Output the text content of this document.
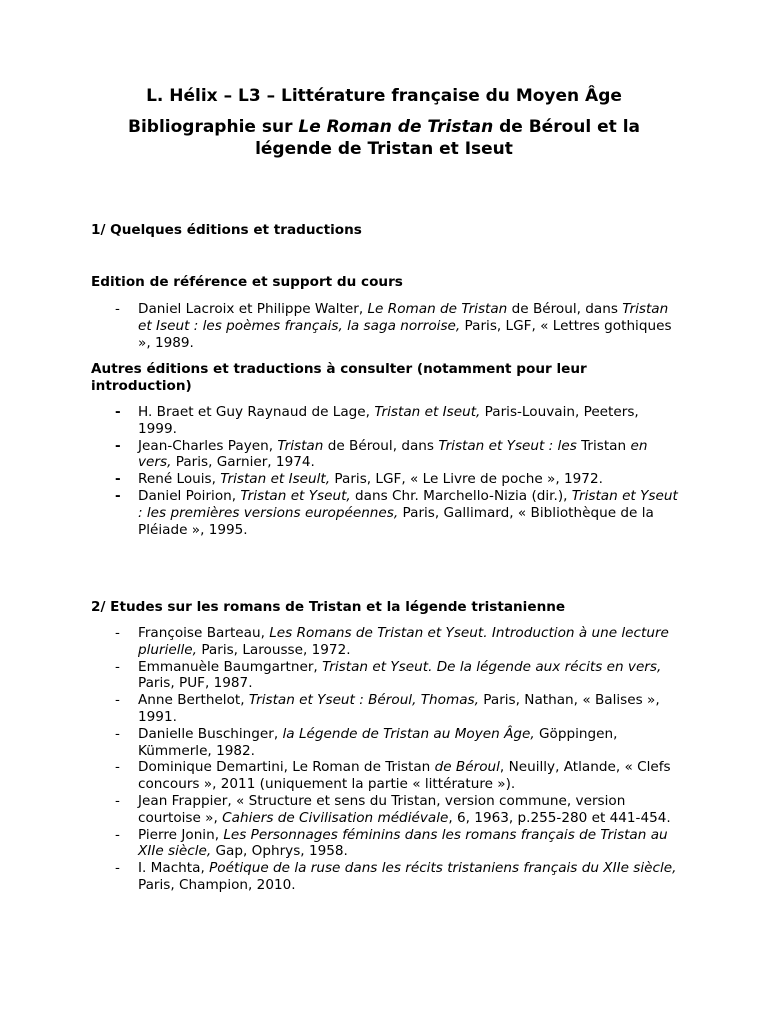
L. Hélix – L3 – Littérature française du Moyen Âge
Bibliographie sur Le Roman de Tristan de Béroul et la
légende de Tristan et Iseut
1/ Quelques éditions et traductions
Edition de référence et support du cours
- Daniel Lacroix et Philippe Walter, Le Roman de Tristan de Béroul, dans Tristan et Iseut : les poèmes français, la saga norroise, Paris, LGF, « Lettres gothiques », 1989.
Autres éditions et traductions à consulter (notamment pour leur introduction)
- H. Braet et Guy Raynaud de Lage, Tristan et Iseut, Paris-Louvain, Peeters, 1999.
- Jean-Charles Payen, Tristan de Béroul, dans Tristan et Yseut : les Tristan en vers, Paris, Garnier, 1974.
- René Louis, Tristan et Iseult, Paris, LGF, « Le Livre de poche », 1972.
- Daniel Poirion, Tristan et Yseut, dans Chr. Marchello-Nizia (dir.), Tristan et Yseut : les premières versions européennes, Paris, Gallimard, « Bibliothèque de la Pléiade », 1995.
2/ Etudes sur les romans de Tristan et la légende tristanienne
- Françoise Barteau, Les Romans de Tristan et Yseut. Introduction à une lecture plurielle, Paris, Larousse, 1972.
- Emmanuèle Baumgartner, Tristan et Yseut. De la légende aux récits en vers, Paris, PUF, 1987.
- Anne Berthelot, Tristan et Yseut : Béroul, Thomas, Paris, Nathan, « Balises », 1991.
- Danielle Buschinger, la Légende de Tristan au Moyen Âge, Göppingen, Kümmerle, 1982.
- Dominique Demartini, Le Roman de Tristan de Béroul, Neuilly, Atlande, « Clefs concours », 2011 (uniquement la partie « littérature »).
- Jean Frappier, « Structure et sens du Tristan, version commune, version courtoise », Cahiers de Civilisation médiévale, 6, 1963, p.255-280 et 441-454.
- Pierre Jonin, Les Personnages féminins dans les romans français de Tristan au XIIe siècle, Gap, Ophrys, 1958.
- I. Machta, Poétique de la ruse dans les récits tristaniens français du XIIe siècle, Paris, Champion, 2010.
